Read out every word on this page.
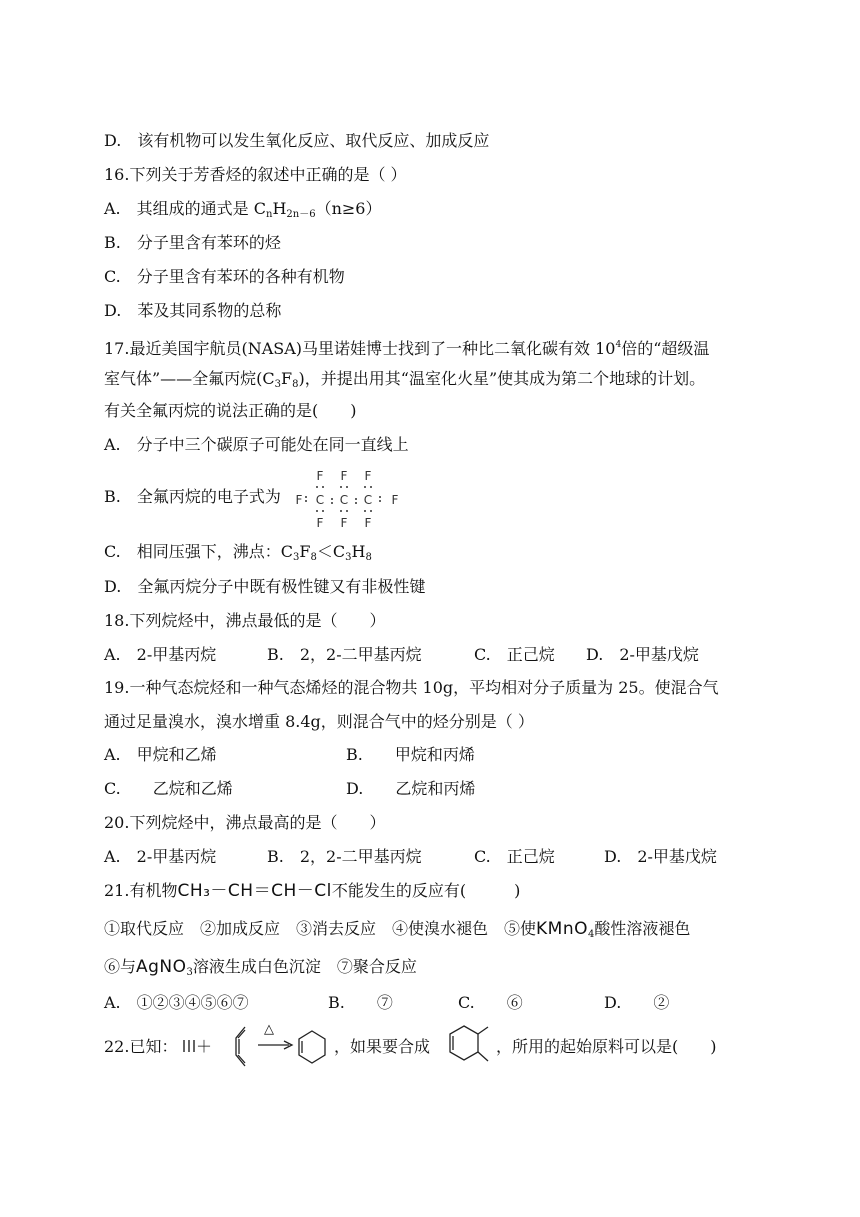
D.　该有机物可以发生氧化反应、取代反应、加成反应
16.下列关于芳香烃的叙述中正确的是（ ）
A.　其组成的通式是 $C_nH_{2n-6}(n\ge 6)$
B.　分子里含有苯环的烃
C.　分子里含有苯环的各种有机物
D.　苯及其同系物的总称
17.最近美国宇航员(NASA)马里诺娃博士找到了一种比二氧化碳有效 $10^4$倍的“超级温
室气体”——全氟丙烷$(C_3F_8)$，并提出用其“温室化火星”使其成为第二个地球的计划。
有关全氟丙烷的说法正确的是(　　)
A.　分子中三个碳原子可能处在同一直线上
B.　全氟丙烷的电子式为
F F F
F C C C F
F F F
C.　相同压强下，沸点：$C_3F_8<C_3H_8$
D.　全氟丙烷分子中既有极性键又有非极性键
18.下列烷烃中，沸点最低的是（　　）
A.　2-甲基丙烷	B.　2，2-二甲基丙烷	C.　正己烷 D.　2-甲基戊烷
19.一种气态烷烃和一种气态烯烃的混合物共 10g，平均相对分子质量为 25。使混合气
通过足量溴水，溴水增重 8.4g，则混合气中的烃分别是（ ）
A.　甲烷和乙烯	B.　　甲烷和丙烯
C.　　乙烷和乙烯	D.　　乙烷和丙烯
20.下列烷烃中，沸点最高的是（　　）
A.　2-甲基丙烷	B.　2，2-二甲基丙烷	C.　正己烷	D.　2-甲基戊烷
21.有机物CH₃－CH＝CH－Cl不能发生的反应有(　　　)
①取代反应　②加成反应　③消去反应　④使溴水褪色　⑤使KMnO$_4$酸性溶液褪色
⑥与AgNO$_3$溶液生成白色沉淀　⑦聚合反应
A.　①②③④⑤⑥⑦	B.　　⑦	C.　　⑥	D.　　②
22.已知： ＋
△
，如果要合成	，所用的起始原料可以是(　　)
